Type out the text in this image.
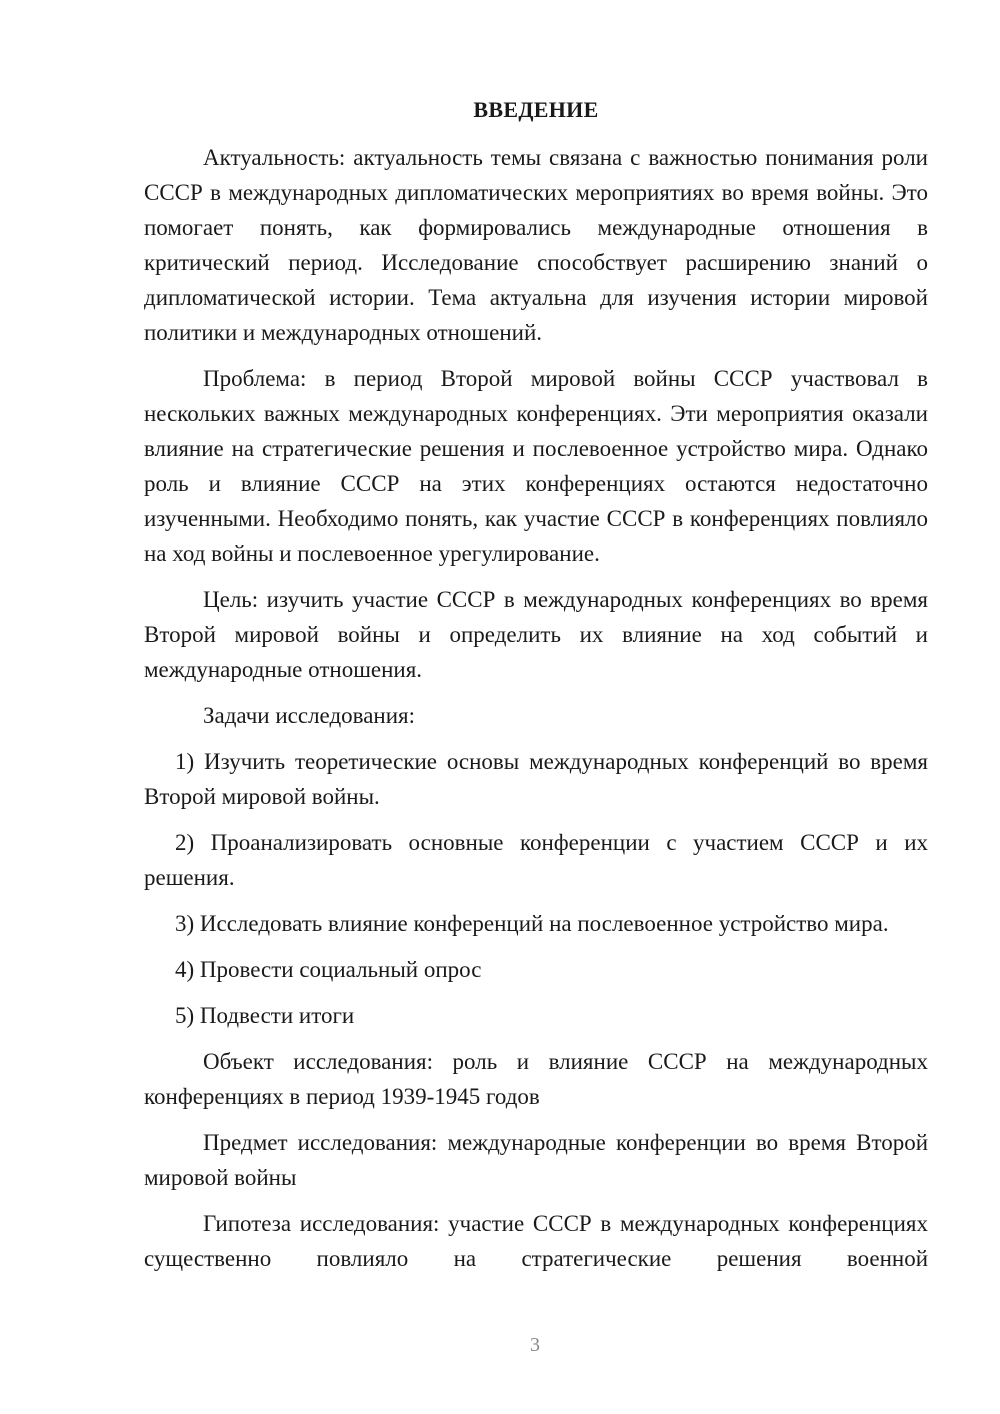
ВВЕДЕНИЕ

Актуальность: актуальность темы связана с важностью понимания роли СССР в международных дипломатических мероприятиях во время войны. Это помогает понять, как формировались международные отношения в критический период. Исследование способствует расширению знаний о дипломатической истории. Тема актуальна для изучения истории мировой политики и международных отношений.

Проблема: в период Второй мировой войны СССР участвовал в нескольких важных международных конференциях. Эти мероприятия оказали влияние на стратегические решения и послевоенное устройство мира. Однако роль и влияние СССР на этих конференциях остаются недостаточно изученными. Необходимо понять, как участие СССР в конференциях повлияло на ход войны и послевоенное урегулирование.

Цель: изучить участие СССР в международных конференциях во время Второй мировой войны и определить их влияние на ход событий и международные отношения.

Задачи исследования:

1) Изучить теоретические основы международных конференций во время Второй мировой войны.

2) Проанализировать основные конференции с участием СССР и их решения.

3) Исследовать влияние конференций на послевоенное устройство мира.

4) Провести социальный опрос

5) Подвести итоги

Объект исследования: роль и влияние СССР на международных конференциях в период 1939-1945 годов

Предмет исследования: международные конференции во время Второй мировой войны

Гипотеза исследования: участие СССР в международных конференциях существенно повлияло на стратегические решения военной

3
